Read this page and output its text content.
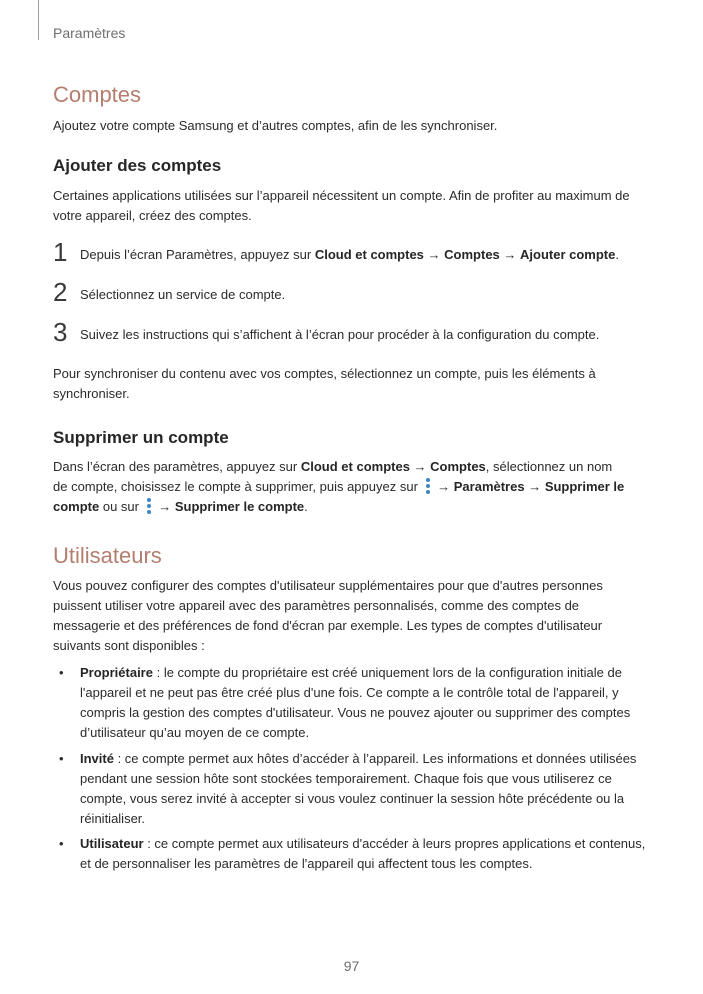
Paramètres
Comptes
Ajoutez votre compte Samsung et d’autres comptes, afin de les synchroniser.
Ajouter des comptes
Certaines applications utilisées sur l’appareil nécessitent un compte. Afin de profiter au maximum de votre appareil, créez des comptes.
1 Depuis l’écran Paramètres, appuyez sur Cloud et comptes → Comptes → Ajouter compte.
2 Sélectionnez un service de compte.
3 Suivez les instructions qui s’affichent à l’écran pour procéder à la configuration du compte.
Pour synchroniser du contenu avec vos comptes, sélectionnez un compte, puis les éléments à synchroniser.
Supprimer un compte
Dans l’écran des paramètres, appuyez sur Cloud et comptes → Comptes, sélectionnez un nom
de compte, choisissez le compte à supprimer, puis appuyez sur
→ Paramètres → Supprimer le
compte ou sur
→ Supprimer le compte.
Utilisateurs
Vous pouvez configurer des comptes d'utilisateur supplémentaires pour que d'autres personnes puissent utiliser votre appareil avec des paramètres personnalisés, comme des comptes de messagerie et des préférences de fond d'écran par exemple. Les types de comptes d'utilisateur suivants sont disponibles :
• Propriétaire : le compte du propriétaire est créé uniquement lors de la configuration initiale de l'appareil et ne peut pas être créé plus d'une fois. Ce compte a le contrôle total de l'appareil, y compris la gestion des comptes d'utilisateur. Vous ne pouvez ajouter ou supprimer des comptes d’utilisateur qu’au moyen de ce compte.
• Invité : ce compte permet aux hôtes d’accéder à l’appareil. Les informations et données utilisées pendant une session hôte sont stockées temporairement. Chaque fois que vous utiliserez ce compte, vous serez invité à accepter si vous voulez continuer la session hôte précédente ou la réinitialiser.
• Utilisateur : ce compte permet aux utilisateurs d'accéder à leurs propres applications et contenus, et de personnaliser les paramètres de l'appareil qui affectent tous les comptes.
97
